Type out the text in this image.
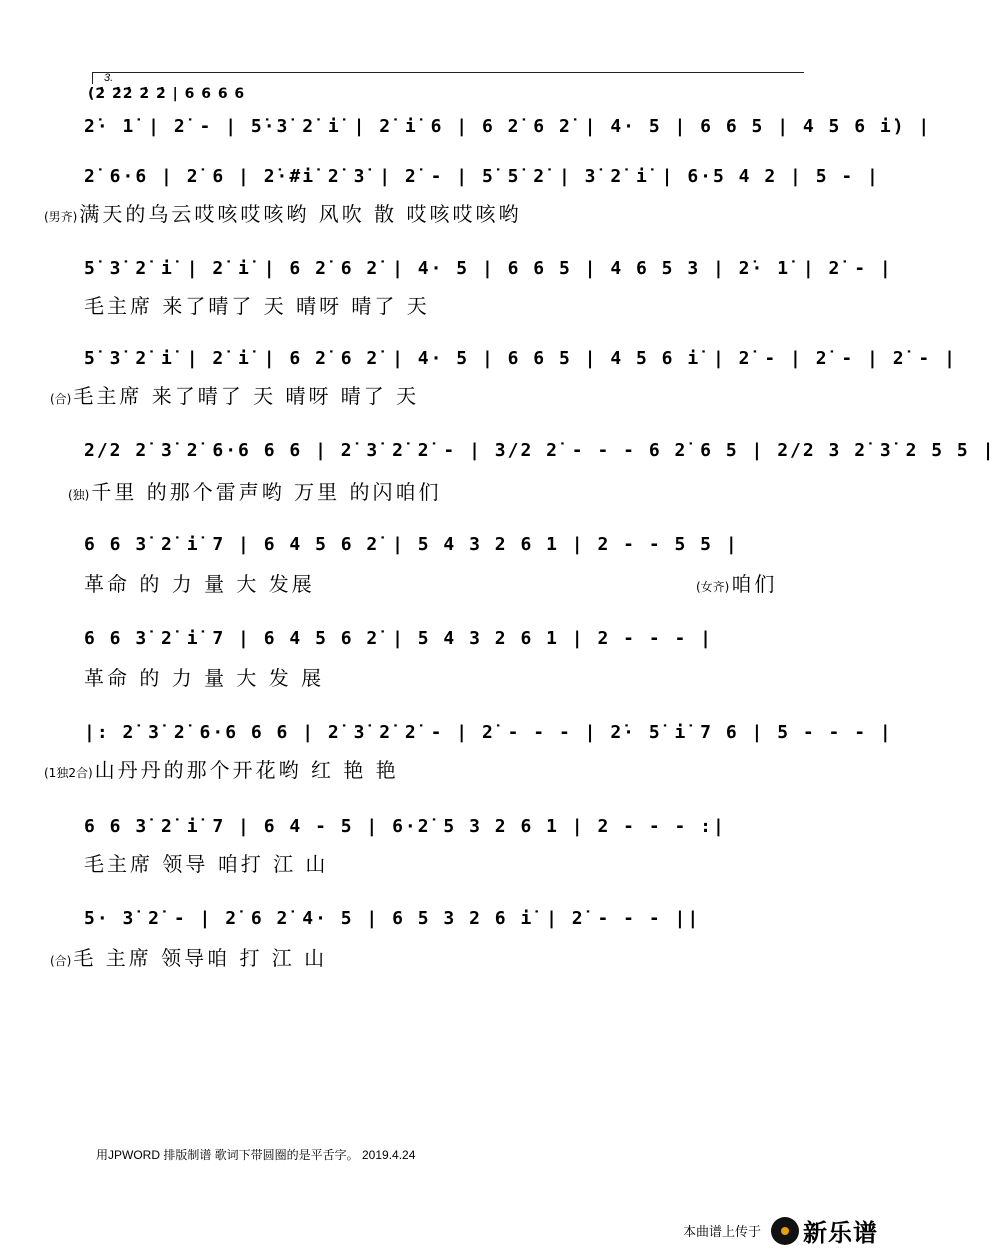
3.
(2̇ 2̇2̇ 2̇ 2̇ | 6 6 6 6
2̇· 1̇ | 2̇ - | 5̇·3̇ 2̇ i̇ | 2̇ i̇ 6 | 6 2̇ 6 2̇ | 4· 5 | 6 6 5 | 4 5 6 i̇) |
2̇ 6·6 | 2̇ 6 | 2̇·#i̇ 2̇ 3̇ | 2̇ - | 5̇ 5̇ 2̇ | 3̇ 2̇ i̇ | 6·5 4 2 | 5 - |
(男齐) 满天的乌云哎咳哎咳哟 风吹 散 哎咳哎咳哟
5̇ 3̇ 2̇ i̇ | 2̇ i̇ | 6 2̇ 6 2̇ | 4· 5 | 6 6 5 | 4 6 5 3 | 2̇· 1̇ | 2̇ - |
毛主席 来了晴了 天 晴呀 晴了 天
5̇ 3̇ 2̇ i̇ | 2̇ i̇ | 6 2̇ 6 2̇ | 4· 5 | 6 6 5 | 4 5 6 i̇ | 2̇ - | 2̇ - | 2̇ - |
(合) 毛主席 来了晴了 天 晴呀 晴了 天
2/2 2̇ 3̇ 2̇ 6·6 6 6 | 2̇ 3̇ 2̇ 2̇ - | 3/2 2̇ - - - 6 2̇ 6 5 | 2/2 3 2̇ 3̇ 2 5 5 |
(独) 千里 的那个雷声哟 万里 的闪咱们
6 6 3̇ 2̇ i̇ 7 | 6 4 5 6 2̇ | 5 4 3 2 6 1 | 2 - - 5 5 |
革命 的 力 量 大 发展	(女齐) 咱们
6 6 3̇ 2̇ i̇ 7 | 6 4 5 6 2̇ | 5 4 3 2 6 1 | 2 - - - |
革命 的 力 量 大 发 展
|: 2̇ 3̇ 2̇ 6·6 6 6 | 2̇ 3̇ 2̇ 2̇ - | 2̇ - - - | 2̇· 5̇ i̇ 7 6 | 5 - - - |
(1独2合) 山丹丹的那个开花哟 红 艳 艳
6 6 3̇ 2̇ i̇ 7 | 6 4 - 5 | 6·2̇ 5 3 2 6 1 | 2 - - - :|
毛主席 领导 咱打 江 山
5· 3̇ 2̇ - | 2̇ 6 2̇ 4· 5 | 6 5 3 2 6 i̇ | 2̇ - - - ||
(合) 毛 主席 领导咱 打 江 山
用JPWORD 排版制谱 歌词下带圆圈的是平舌字。 2019.4.24
本曲谱上传于 新乐谱
